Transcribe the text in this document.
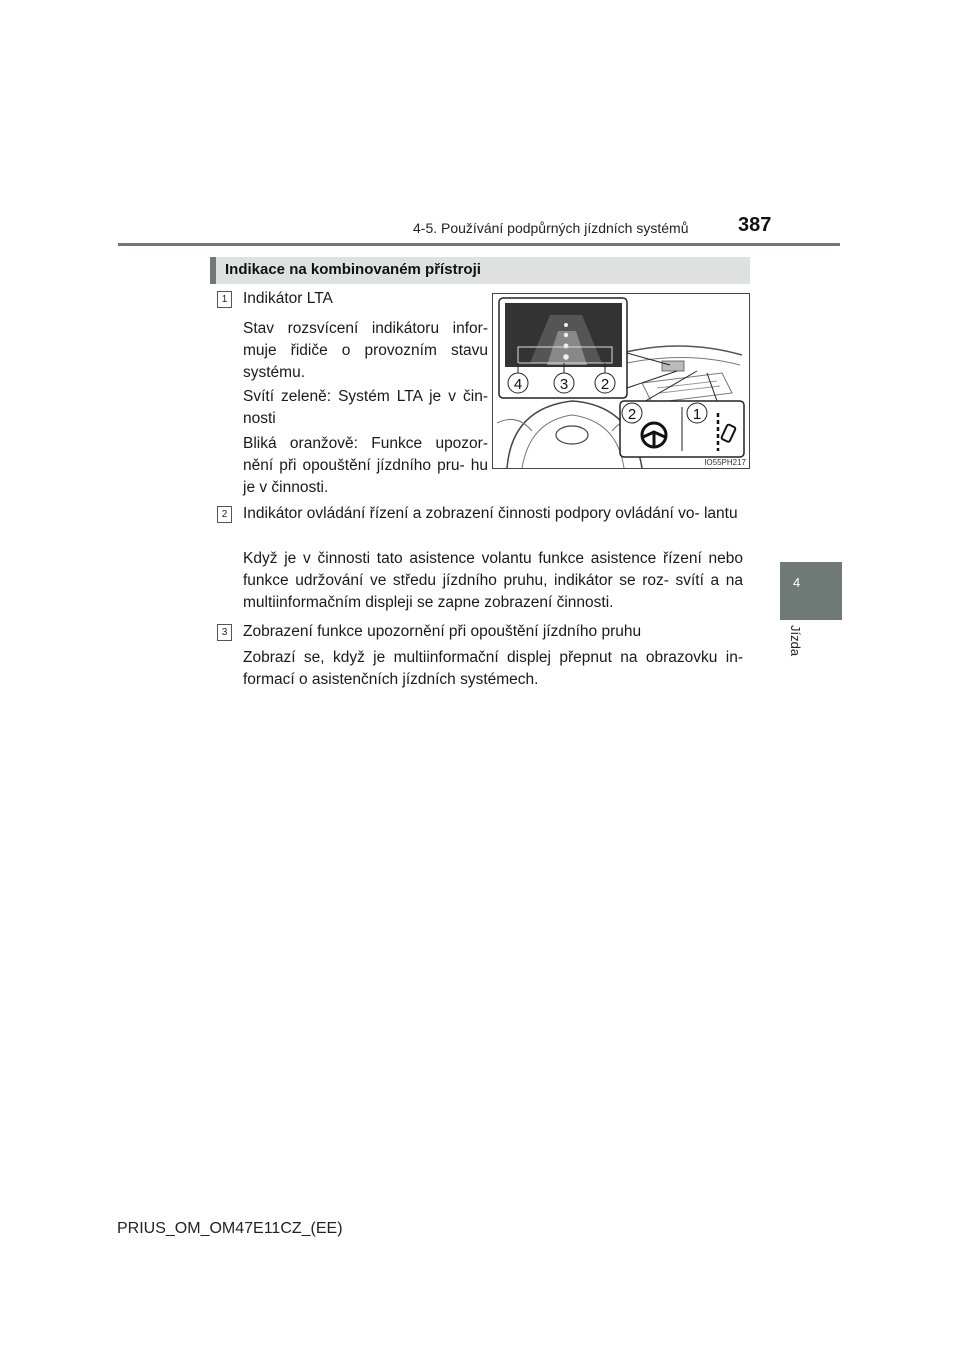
4-5. Používání podpůrných jízdních systémů 387
4
Jízda
Indikace na kombinovaném přístroji
1	Indikátor LTA
Stav rozsvícení indikátoru infor- muje řidiče o provozním stavu systému.
Svítí zeleně: Systém LTA je v čin- nosti
Bliká oranžově: Funkce upozor- nění při opouštění jízdního pru- hu je v činnosti.
4	3 2
2	1
IO55PH217
2	Indikátor ovládání řízení a zobrazení činnosti podpory ovládání vo- lantu
Když je v činnosti tato asistence volantu funkce asistence řízení nebo funkce udržování ve středu jízdního pruhu, indikátor se roz- svítí a na multiinformačním displeji se zapne zobrazení činnosti.
3	Zobrazení funkce upozornění při opouštění jízdního pruhu
Zobrazí se, když je multiinformační displej přepnut na obrazovku in- formací o asistenčních jízdních systémech.
PRIUS_OM_OM47E11CZ_(EE)
